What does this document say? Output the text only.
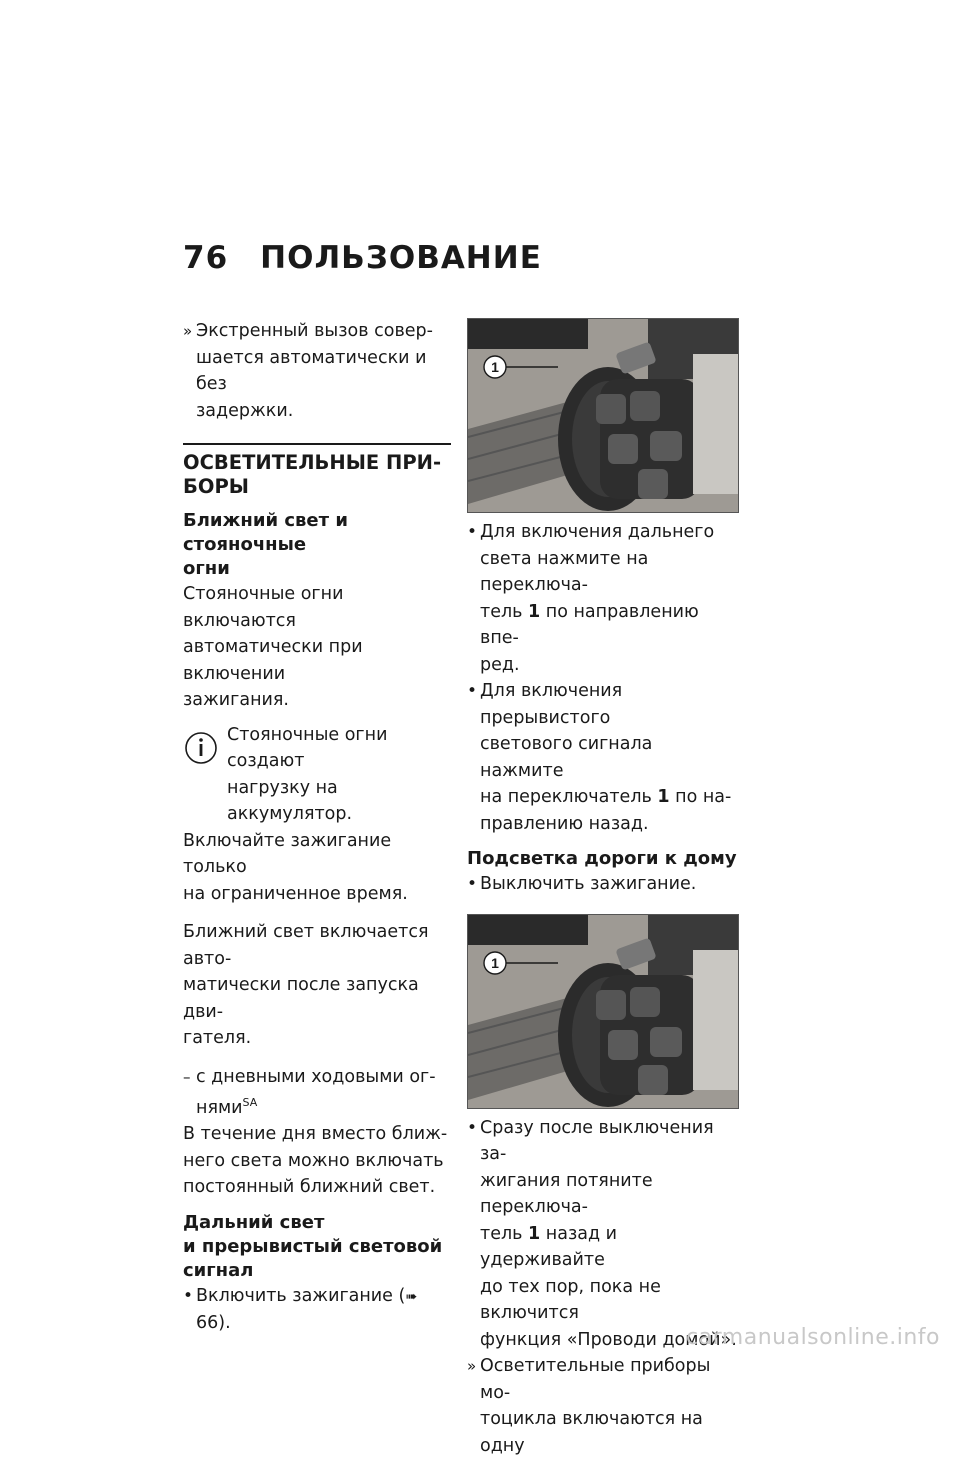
76 ПОЛЬЗОВАНИЕ
» Экстренный вызов совер-
шается автоматически и без
задержки.
ОСВЕТИТЕЛЬНЫЕ ПРИ-
БОРЫ
Ближний свет и стояночные
огни
Стояночные огни включаются
автоматически при включении
зажигания.
Стояночные огни создают
нагрузку на аккумулятор.
Включайте зажигание только
на ограниченное время.
Ближний свет включается авто-
матически после запуска дви-
гателя.
– с дневными ходовыми ог-
нями$^{SA}$
В течение дня вместо ближ-
него света можно включать
постоянный ближний свет.
Дальний свет
и прерывистый световой
сигнал
• Включить зажигание (➠ 66).
1
• Для включения дальнего
света нажмите на переключа-
тель 1 по направлению впе-
ред.
• Для включения прерывистого
светового сигнала нажмите
на переключатель 1 по на-
правлению назад.
Подсветка дороги к дому
• Выключить зажигание.
1
• Сразу после выключения за-
жигания потяните переключа-
тель 1 назад и удерживайте
до тех пор, пока не включится
функция «Проводи домой».
» Осветительные приборы мо-
тоцикла включаются на одну
carmanualsonline.info
